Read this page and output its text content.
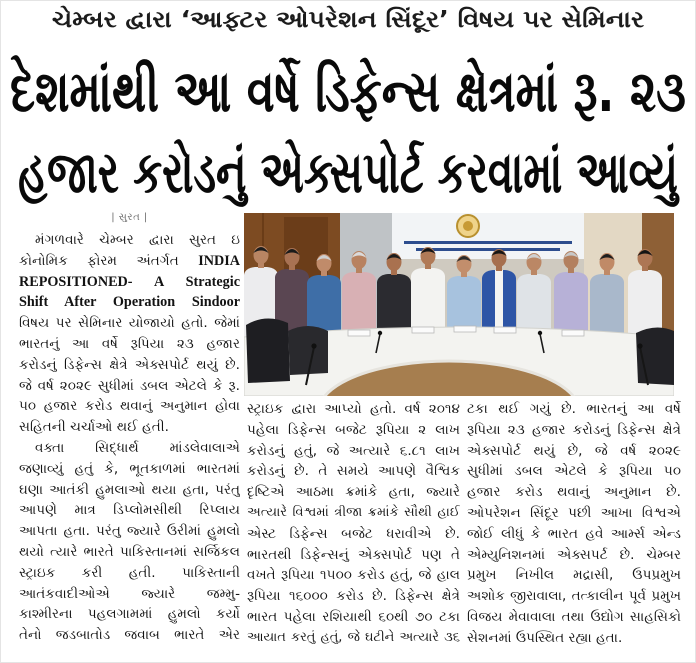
ચેમ્બર દ્વારા ‘આફ્ટર ઓપરેશન સિંદૂર’ વિષય પર સેમિનાર
દેશમાંથી આ વર્ષે ડિફેન્સ ક્ષેત્રમાં રૂ. ૨૩
હજાર કરોડનું એક્સપોર્ટ કરવામાં આવ્યું
| સુરત |
મંગળવારે ચેમ્બર દ્વારા સુરત ઇ
કોનોમિક ફોરમ અંતર્ગત INDIA
REPOSITIONED- A Strategic
Shift After Operation Sindoor
વિષય પર સેમિનાર યોજાયો હતો. જેમાં
ભારતનું આ વર્ષે રૂપિયા ૨૩ હજાર
કરોડનું ડિફેન્સ ક્ષેત્રે એક્સપોર્ટ થયું છે.
જે વર્ષ ૨૦૨૯ સુધીમાં ડબલ એટલે કે રૂ.
૫૦ હજાર કરોડ થવાનું અનુમાન હોવા
સહિતની ચર્ચાઓ થઈ હતી.
વક્તા સિદ્ધાર્થ માંડલેવાલાએ
જણાવ્યું હતું કે, ભૂતકાળમાં ભારતમાં
ઘણા આતંકી હુમલાઓ થયા હતા, પરંતુ
આપણે માત્ર ડિપ્લોમસીથી રિપ્લાય
આપતા હતા. પરંતુ જ્યારે ઉરીમાં હુમલો
થયો ત્યારે ભારતે પાકિસ્તાનમાં સર્જિકલ
સ્ટ્રાઇક કરી હતી. પાકિસ્તાની
આતંકવાદીઓએ જ્યારે જમ્મુ-
કાશ્મીરના પહલગામમાં હુમલો કર્યો
તેનો જડબાતોડ જવાબ ભારતે એર
સ્ટ્રાઇક દ્વારા આપ્યો હતો. વર્ષ ૨૦૧૪
પહેલા ડિફેન્સ બજેટ રૂપિયા ૨ લાખ
કરોડનું હતું, જે અત્યારે ૬.૮૧ લાખ
કરોડનું છે. તે સમયે આપણે વૈશ્વિક
દૃષ્ટિએ આઠમા ક્રમાંકે હતા, જ્યારે
અત્યારે વિશ્વમાં ત્રીજા ક્રમાંકે સૌથી હાઈ
એસ્ટ ડિફેન્સ બજેટ ધરાવીએ છે.
ભારતથી ડિફેન્સનું એક્સપોર્ટ પણ તે
વખતે રૂપિયા ૧૫૦૦ કરોડ હતું, જે હાલ
રૂપિયા ૧૬૦૦૦ કરોડ છે. ડિફેન્સ ક્ષેત્રે
ભારત પહેલા રશિયાથી ૬૦થી ૭૦ ટકા
આયાત કરતું હતું, જે ઘટીને અત્યારે ૩૬
ટકા થઈ ગયું છે. ભારતનું આ વર્ષે
રૂપિયા ૨૩ હજાર કરોડનું ડિફેન્સ ક્ષેત્રે
એક્સપોર્ટ થયું છે, જે વર્ષ ૨૦૨૯
સુધીમાં ડબલ એટલે કે રૂપિયા ૫૦
હજાર કરોડ થવાનું અનુમાન છે.
ઓપરેશન સિંદૂર પછી આખા વિશ્વએ
જોઈ લીધું કે ભારત હવે આર્મ્સ એન્ડ
એમ્યુનિશનમાં એક્સપર્ટ છે. ચેમ્બર
પ્રમુખ નિખીલ મદ્રાસી, ઉપપ્રમુખ
અશોક જીરાવાલા, તત્કાલીન પૂર્વ પ્રમુખ
વિજય મેવાવાલા તથા ઉદ્યોગ સાહસિકો
સેશનમાં ઉપસ્થિત રહ્યા હતા.
